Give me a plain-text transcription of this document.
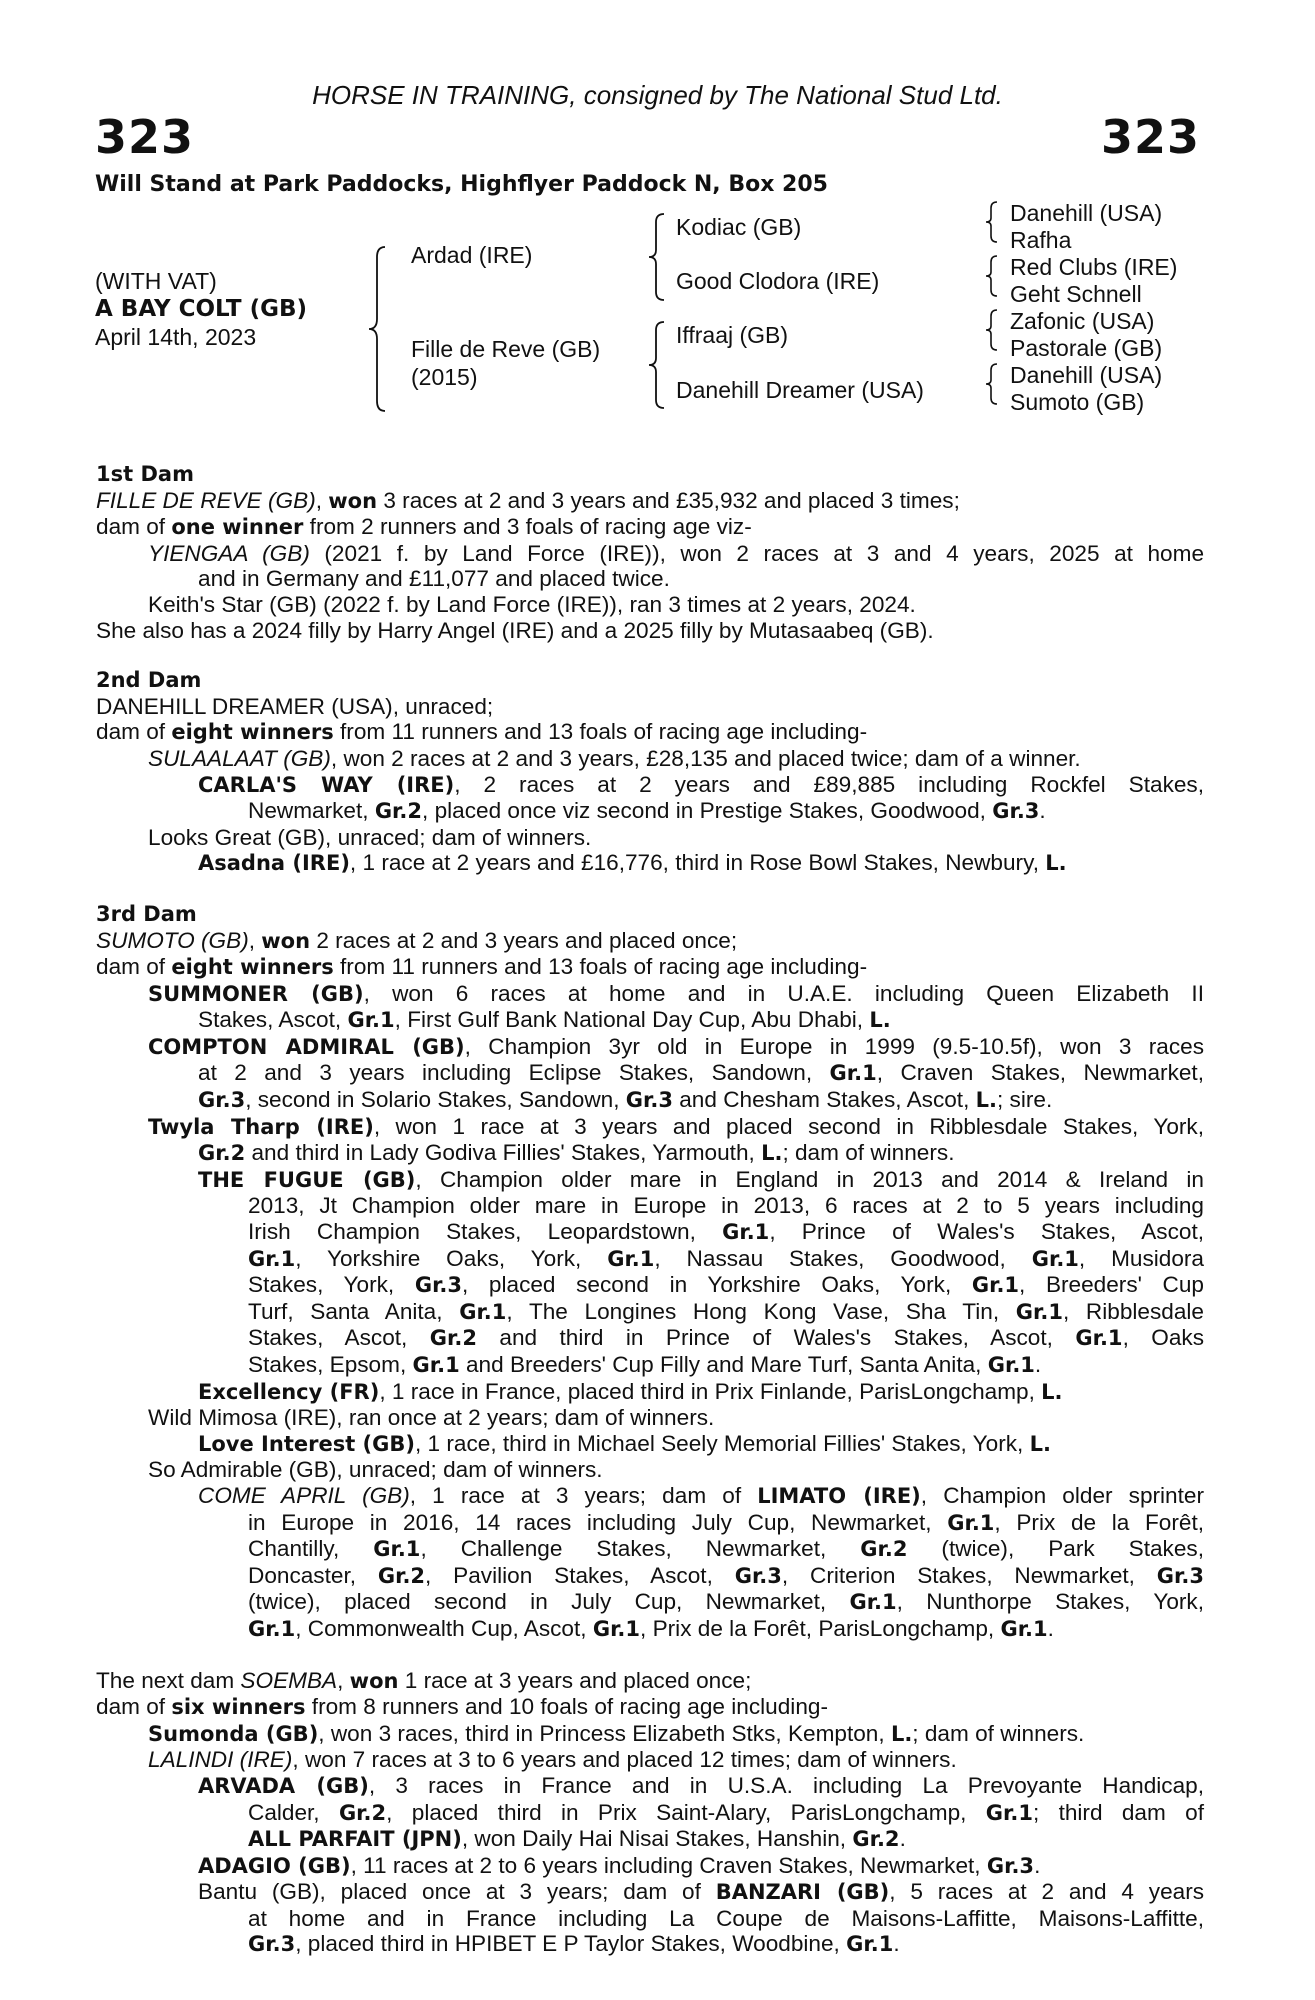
HORSE IN TRAINING, consigned by The National Stud Ltd.
323	323
Will Stand at Park Paddocks, Highflyer Paddock N, Box 205
(WITH VAT)
A BAY COLT (GB)
April 14th, 2023
Ardad (IRE)
Fille de Reve (GB)
(2015)
Kodiac (GB)
Good Clodora (IRE)
Iffraaj (GB)
Danehill Dreamer (USA)
Danehill (USA)
Rafha
Red Clubs (IRE)
Geht Schnell
Zafonic (USA)
Pastorale (GB)
Danehill (USA)
Sumoto (GB)
1st Dam
FILLE DE REVE (GB), won 3 races at 2 and 3 years and £35,932 and placed 3 times;
dam of one winner from 2 runners and 3 foals of racing age viz-
YIENGAA (GB) (2021 f. by Land Force (IRE)), won 2 races at 3 and 4 years, 2025 at home
and in Germany and £11,077 and placed twice.
Keith's Star (GB) (2022 f. by Land Force (IRE)), ran 3 times at 2 years, 2024.
She also has a 2024 filly by Harry Angel (IRE) and a 2025 filly by Mutasaabeq (GB).
2nd Dam
DANEHILL DREAMER (USA), unraced;
dam of eight winners from 11 runners and 13 foals of racing age including-
SULAALAAT (GB), won 2 races at 2 and 3 years, £28,135 and placed twice; dam of a winner.
CARLA'S WAY (IRE), 2 races at 2 years and £89,885 including Rockfel Stakes,
Newmarket, Gr.2, placed once viz second in Prestige Stakes, Goodwood, Gr.3.
Looks Great (GB), unraced; dam of winners.
Asadna (IRE), 1 race at 2 years and £16,776, third in Rose Bowl Stakes, Newbury, L.
3rd Dam
SUMOTO (GB), won 2 races at 2 and 3 years and placed once;
dam of eight winners from 11 runners and 13 foals of racing age including-
SUMMONER (GB), won 6 races at home and in U.A.E. including Queen Elizabeth II
Stakes, Ascot, Gr.1, First Gulf Bank National Day Cup, Abu Dhabi, L.
COMPTON ADMIRAL (GB), Champion 3yr old in Europe in 1999 (9.5-10.5f), won 3 races
at 2 and 3 years including Eclipse Stakes, Sandown, Gr.1, Craven Stakes, Newmarket,
Gr.3, second in Solario Stakes, Sandown, Gr.3 and Chesham Stakes, Ascot, L.; sire.
Twyla Tharp (IRE), won 1 race at 3 years and placed second in Ribblesdale Stakes, York,
Gr.2 and third in Lady Godiva Fillies' Stakes, Yarmouth, L.; dam of winners.
THE FUGUE (GB), Champion older mare in England in 2013 and 2014 & Ireland in
2013, Jt Champion older mare in Europe in 2013, 6 races at 2 to 5 years including
Irish Champion Stakes, Leopardstown, Gr.1, Prince of Wales's Stakes, Ascot,
Gr.1, Yorkshire Oaks, York, Gr.1, Nassau Stakes, Goodwood, Gr.1, Musidora
Stakes, York, Gr.3, placed second in Yorkshire Oaks, York, Gr.1, Breeders' Cup
Turf, Santa Anita, Gr.1, The Longines Hong Kong Vase, Sha Tin, Gr.1, Ribblesdale
Stakes, Ascot, Gr.2 and third in Prince of Wales's Stakes, Ascot, Gr.1, Oaks
Stakes, Epsom, Gr.1 and Breeders' Cup Filly and Mare Turf, Santa Anita, Gr.1.
Excellency (FR), 1 race in France, placed third in Prix Finlande, ParisLongchamp, L.
Wild Mimosa (IRE), ran once at 2 years; dam of winners.
Love Interest (GB), 1 race, third in Michael Seely Memorial Fillies' Stakes, York, L.
So Admirable (GB), unraced; dam of winners.
COME APRIL (GB), 1 race at 3 years; dam of LIMATO (IRE), Champion older sprinter
in Europe in 2016, 14 races including July Cup, Newmarket, Gr.1, Prix de la Forêt,
Chantilly, Gr.1, Challenge Stakes, Newmarket, Gr.2 (twice), Park Stakes,
Doncaster, Gr.2, Pavilion Stakes, Ascot, Gr.3, Criterion Stakes, Newmarket, Gr.3
(twice), placed second in July Cup, Newmarket, Gr.1, Nunthorpe Stakes, York,
Gr.1, Commonwealth Cup, Ascot, Gr.1, Prix de la Forêt, ParisLongchamp, Gr.1.
The next dam SOEMBA, won 1 race at 3 years and placed once;
dam of six winners from 8 runners and 10 foals of racing age including-
Sumonda (GB), won 3 races, third in Princess Elizabeth Stks, Kempton, L.; dam of winners.
LALINDI (IRE), won 7 races at 3 to 6 years and placed 12 times; dam of winners.
ARVADA (GB), 3 races in France and in U.S.A. including La Prevoyante Handicap,
Calder, Gr.2, placed third in Prix Saint-Alary, ParisLongchamp, Gr.1; third dam of
ALL PARFAIT (JPN), won Daily Hai Nisai Stakes, Hanshin, Gr.2.
ADAGIO (GB), 11 races at 2 to 6 years including Craven Stakes, Newmarket, Gr.3.
Bantu (GB), placed once at 3 years; dam of BANZARI (GB), 5 races at 2 and 4 years
at home and in France including La Coupe de Maisons-Laffitte, Maisons-Laffitte,
Gr.3, placed third in HPIBET E P Taylor Stakes, Woodbine, Gr.1.
